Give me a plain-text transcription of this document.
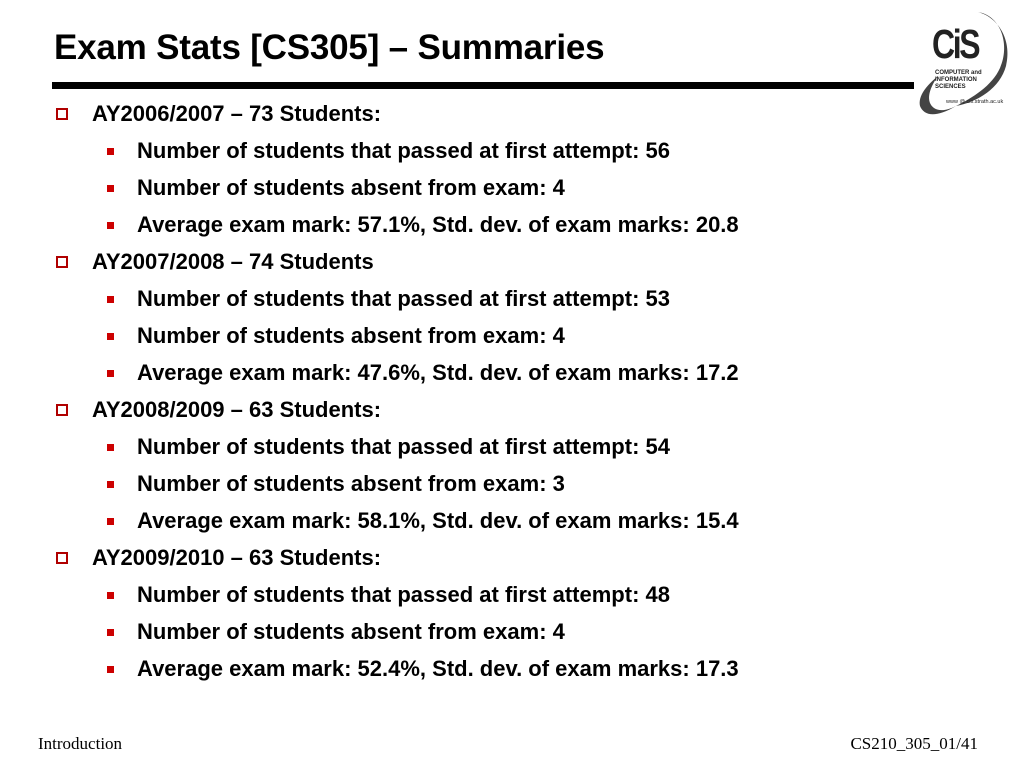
Exam Stats [CS305] – Summaries	CiS
COMPUTER and
INFORMATION
SCIENCES
www @ cis.strath.ac.uk
AY2006/2007 – 73 Students:
Number of students that passed at first attempt: 56
Number of students absent from exam: 4
Average exam mark: 57.1%, Std. dev. of exam marks: 20.8
AY2007/2008 – 74 Students
Number of students that passed at first attempt: 53
Number of students absent from exam: 4
Average exam mark: 47.6%, Std. dev. of exam marks: 17.2
AY2008/2009 – 63 Students:
Number of students that passed at first attempt: 54
Number of students absent from exam: 3
Average exam mark: 58.1%, Std. dev. of exam marks: 15.4
AY2009/2010 – 63 Students:
Number of students that passed at first attempt: 48
Number of students absent from exam: 4
Average exam mark: 52.4%, Std. dev. of exam marks: 17.3
Introduction	CS210_305_01/41
